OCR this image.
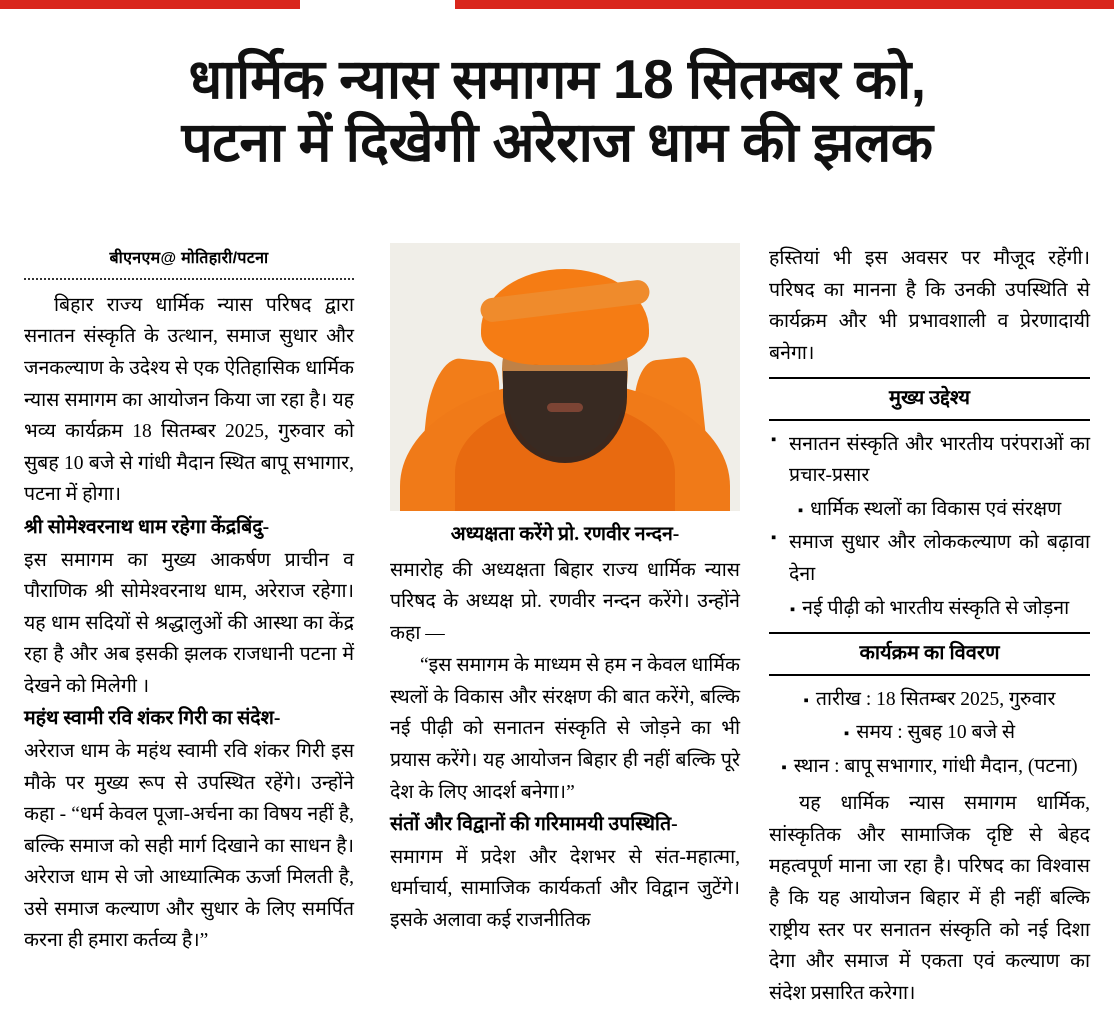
धार्मिक न्यास समागम 18 सितम्बर को,
पटना में दिखेगी अरेराज धाम की झलक
बीएनएम@ मोतिहारी/पटना

बिहार राज्य धार्मिक न्यास परिषद द्वारा सनातन संस्कृति के उत्थान, समाज सुधार और जनकल्याण के उदेश्य से एक ऐतिहासिक धार्मिक न्यास समागम का आयोजन किया जा रहा है। यह भव्य कार्यक्रम 18 सितम्बर 2025, गुरुवार को सुबह 10 बजे से गांधी मैदान स्थित बापू सभागार, पटना में होगा।

श्री सोमेश्वरनाथ धाम रहेगा केंद्रबिंदु-

इस समागम का मुख्य आकर्षण प्राचीन व पौराणिक श्री सोमेश्वरनाथ धाम, अरेराज रहेगा। यह धाम सदियों से श्रद्धालुओं की आस्था का केंद्र रहा है और अब इसकी झलक राजधानी पटना में देखने को मिलेगी ।

महंथ स्वामी रवि शंकर गिरी का संदेश-

अरेराज धाम के महंथ स्वामी रवि शंकर गिरी इस मौके पर मुख्य रूप से उपस्थित रहेंगे। उन्होंने कहा - “धर्म केवल पूजा-अर्चना का विषय नहीं है, बल्कि समाज को सही मार्ग दिखाने का साधन है। अरेराज धाम से जो आध्यात्मिक ऊर्जा मिलती है, उसे समाज कल्याण और सुधार के लिए समर्पित करना ही हमारा कर्तव्य है।”

अध्यक्षता करेंगे प्रो. रणवीर नन्दन-

समारोह की अध्यक्षता बिहार राज्य धार्मिक न्यास परिषद के अध्यक्ष प्रो. रणवीर नन्दन करेंगे। उन्होंने कहा —

“इस समागम के माध्यम से हम न केवल धार्मिक स्थलों के विकास और संरक्षण की बात करेंगे, बल्कि नई पीढ़ी को सनातन संस्कृति से जोड़ने का भी प्रयास करेंगे। यह आयोजन बिहार ही नहीं बल्कि पूरे देश के लिए आदर्श बनेगा।”

संतों और विद्वानों की गरिमामयी उपस्थिति-

समागम में प्रदेश और देशभर से संत-महात्मा, धर्माचार्य, सामाजिक कार्यकर्ता और विद्वान जुटेंगे। इसके अलावा कई राजनीतिक

हस्तियां भी इस अवसर पर मौजूद रहेंगी। परिषद का मानना है कि उनकी उपस्थिति से कार्यक्रम और भी प्रभावशाली व प्रेरणादायी बनेगा।

मुख्य उद्देश्य
▪ सनातन संस्कृति और भारतीय परंपराओं का प्रचार-प्रसार
▪ धार्मिक स्थलों का विकास एवं संरक्षण
▪ समाज सुधार और लोककल्याण को बढ़ावा देना
▪ नई पीढ़ी को भारतीय संस्कृति से जोड़ना
कार्यक्रम का विवरण
▪ तारीख : 18 सितम्बर 2025, गुरुवार
▪ समय : सुबह 10 बजे से
▪ स्थान : बापू सभागार, गांधी मैदान, (पटना)

यह धार्मिक न्यास समागम धार्मिक, सांस्कृतिक और सामाजिक दृष्टि से बेहद महत्वपूर्ण माना जा रहा है। परिषद का विश्वास है कि यह आयोजन बिहार में ही नहीं बल्कि राष्ट्रीय स्तर पर सनातन संस्कृति को नई दिशा देगा और समाज में एकता एवं कल्याण का संदेश प्रसारित करेगा।
